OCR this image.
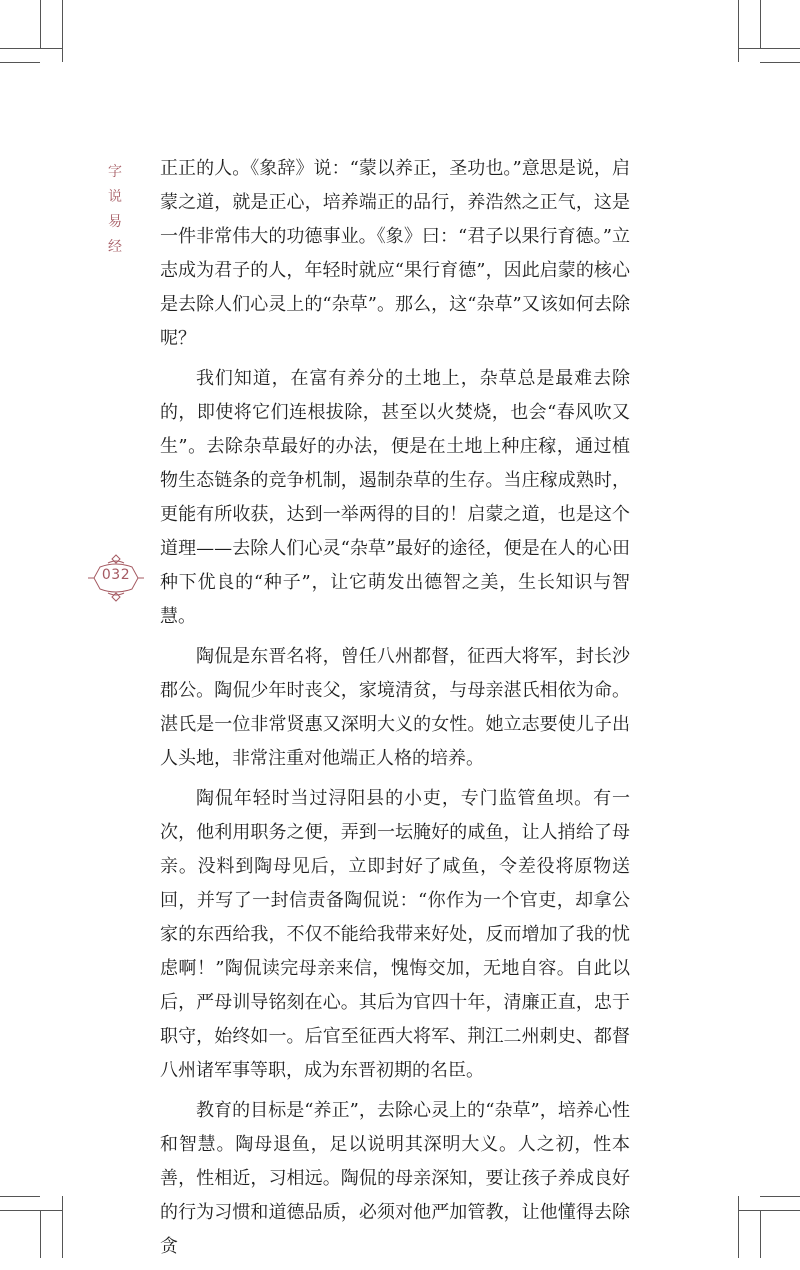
字
说
易
经
032

正正的人。《象辞》说：“蒙以养正，圣功也。”意思是说，启蒙之道，就是正心，培养端正的品行，养浩然之正气，这是一件非常伟大的功德事业。《象》曰：“君子以果行育德。”立志成为君子的人，年轻时就应“果行育德”，因此启蒙的核心是去除人们心灵上的“杂草”。那么，这“杂草”又该如何去除呢？

我们知道，在富有养分的土地上，杂草总是最难去除的，即使将它们连根拔除，甚至以火焚烧，也会“春风吹又生”。去除杂草最好的办法，便是在土地上种庄稼，通过植物生态链条的竞争机制，遏制杂草的生存。当庄稼成熟时，更能有所收获，达到一举两得的目的！启蒙之道，也是这个道理——去除人们心灵“杂草”最好的途径，便是在人的心田种下优良的“种子”，让它萌发出德智之美，生长知识与智慧。

陶侃是东晋名将，曾任八州都督，征西大将军，封长沙郡公。陶侃少年时丧父，家境清贫，与母亲湛氏相依为命。湛氏是一位非常贤惠又深明大义的女性。她立志要使儿子出人头地，非常注重对他端正人格的培养。

陶侃年轻时当过浔阳县的小吏，专门监管鱼坝。有一次，他利用职务之便，弄到一坛腌好的咸鱼，让人捎给了母亲。没料到陶母见后，立即封好了咸鱼，令差役将原物送回，并写了一封信责备陶侃说：“你作为一个官吏，却拿公家的东西给我，不仅不能给我带来好处，反而增加了我的忧虑啊！”陶侃读完母亲来信，愧悔交加，无地自容。自此以后，严母训导铭刻在心。其后为官四十年，清廉正直，忠于职守，始终如一。后官至征西大将军、荆江二州刺史、都督八州诸军事等职，成为东晋初期的名臣。

教育的目标是“养正”，去除心灵上的“杂草”，培养心性和智慧。陶母退鱼，足以说明其深明大义。人之初，性本善，性相近，习相远。陶侃的母亲深知，要让孩子养成良好的行为习惯和道德品质，必须对他严加管教，让他懂得去除贪
